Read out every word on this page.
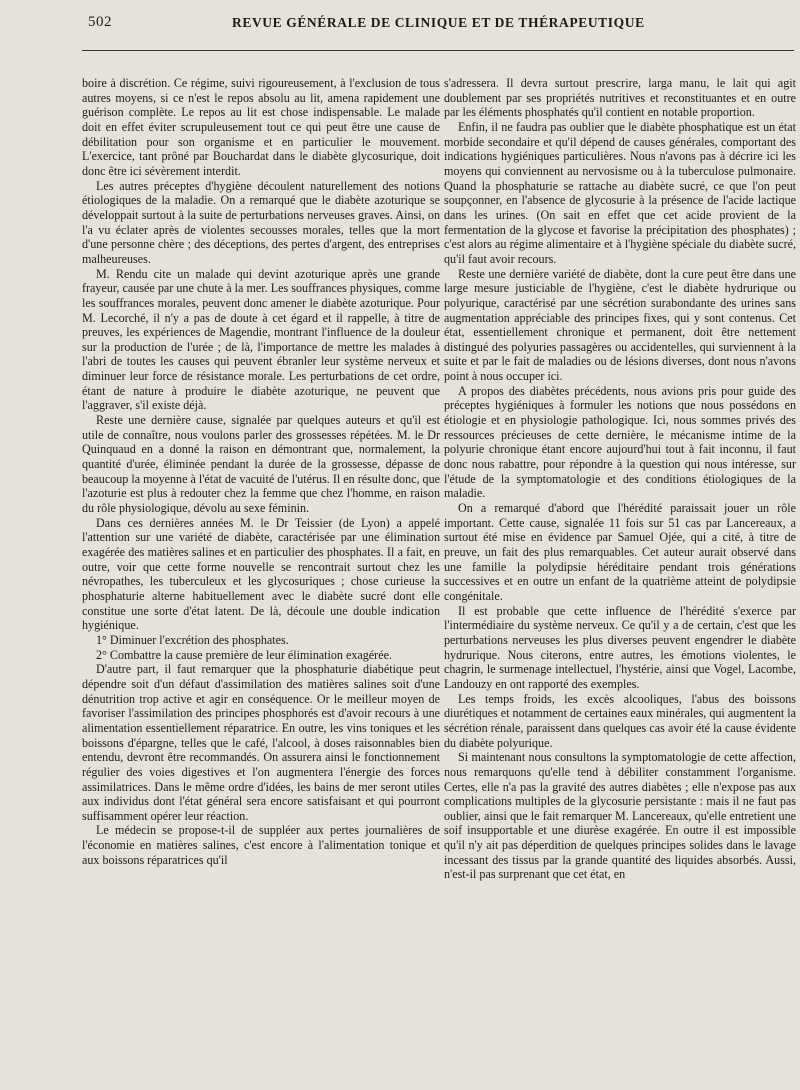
502	REVUE GÉNÉRALE DE CLINIQUE ET DE THÉRAPEUTIQUE

boire à discrétion. Ce régime, suivi rigoureusement, à l'exclusion de tous autres moyens, si ce n'est le repos absolu au lit, amena rapidement une guérison complète. Le repos au lit est chose indispensable. Le malade doit en effet éviter scrupuleusement tout ce qui peut être une cause de débilitation pour son organisme et en particulier le mouvement. L'exercice, tant prôné par Bouchardat dans le diabète glycosurique, doit donc être ici sévèrement interdit.

Les autres préceptes d'hygiène découlent naturellement des notions étiologiques de la maladie. On a remarqué que le diabète azoturique se développait surtout à la suite de perturbations nerveuses graves. Ainsi, on l'a vu éclater après de violentes secousses morales, telles que la mort d'une personne chère ; des déceptions, des pertes d'argent, des entreprises malheureuses.

M. Rendu cite un malade qui devint azoturique après une grande frayeur, causée par une chute à la mer. Les souffrances physiques, comme les souffrances morales, peuvent donc amener le diabète azoturique. Pour M. Lecorché, il n'y a pas de doute à cet égard et il rappelle, à titre de preuves, les expériences de Magendie, montrant l'influence de la douleur sur la production de l'urée ; de là, l'importance de mettre les malades à l'abri de toutes les causes qui peuvent ébranler leur système nerveux et diminuer leur force de résistance morale. Les perturbations de cet ordre, étant de nature à produire le diabète azoturique, ne peuvent que l'aggraver, s'il existe déjà.

Reste une dernière cause, signalée par quelques auteurs et qu'il est utile de connaître, nous voulons parler des grossesses répétées. M. le Dr Quinquaud en a donné la raison en démontrant que, normalement, la quantité d'urée, éliminée pendant la durée de la grossesse, dépasse de beaucoup la moyenne à l'état de vacuité de l'utérus. Il en résulte donc, que l'azoturie est plus à redouter chez la femme que chez l'homme, en raison du rôle physiologique, dévolu au sexe féminin.

Dans ces dernières années M. le Dr Teissier (de Lyon) a appelé l'attention sur une variété de diabète, caractérisée par une élimination exagérée des matières salines et en particulier des phosphates. Il a fait, en outre, voir que cette forme nouvelle se rencontrait surtout chez les névropathes, les tuberculeux et les glycosuriques ; chose curieuse la phosphaturie alterne habituellement avec le diabète sucré dont elle constitue une sorte d'état latent. De là, découle une double indication hygiénique.

1° Diminuer l'excrétion des phosphates.

2° Combattre la cause première de leur élimination exagérée.

D'autre part, il faut remarquer que la phosphaturie diabétique peut dépendre soit d'un défaut d'assimilation des matières salines soit d'une dénutrition trop active et agir en conséquence. Or le meilleur moyen de favoriser l'assimilation des principes phosphorés est d'avoir recours à une alimentation essentiellement réparatrice. En outre, les vins toniques et les boissons d'épargne, telles que le café, l'alcool, à doses raisonnables bien entendu, devront être recommandés. On assurera ainsi le fonctionnement régulier des voies digestives et l'on augmentera l'énergie des forces assimilatrices. Dans le même ordre d'idées, les bains de mer seront utiles aux individus dont l'état général sera encore satisfaisant et qui pourront suffisamment opérer leur réaction.

Le médecin se propose-t-il de suppléer aux pertes journalières de l'économie en matières salines, c'est encore à l'alimentation tonique et aux boissons réparatrices qu'il

s'adressera. Il devra surtout prescrire, larga manu, le lait qui agit doublement par ses propriétés nutritives et reconstituantes et en outre par les éléments phosphatés qu'il contient en notable proportion.

Enfin, il ne faudra pas oublier que le diabète phosphatique est un état morbide secondaire et qu'il dépend de causes générales, comportant des indications hygiéniques particulières. Nous n'avons pas à décrire ici les moyens qui conviennent au nervosisme ou à la tuberculose pulmonaire. Quand la phosphaturie se rattache au diabète sucré, ce que l'on peut soupçonner, en l'absence de glycosurie à la présence de l'acide lactique dans les urines. (On sait en effet que cet acide provient de la fermentation de la glycose et favorise la précipitation des phosphates) ; c'est alors au régime alimentaire et à l'hygiène spéciale du diabète sucré, qu'il faut avoir recours.

Reste une dernière variété de diabète, dont la cure peut être dans une large mesure justiciable de l'hygiène, c'est le diabète hydrurique ou polyurique, caractérisé par une sécrétion surabondante des urines sans augmentation appréciable des principes fixes, qui y sont contenus. Cet état, essentiellement chronique et permanent, doit être nettement distingué des polyuries passagères ou accidentelles, qui surviennent à la suite et par le fait de maladies ou de lésions diverses, dont nous n'avons point à nous occuper ici.

A propos des diabètes précédents, nous avions pris pour guide des préceptes hygiéniques à formuler les notions que nous possédons en étiologie et en physiologie pathologique. Ici, nous sommes privés des ressources précieuses de cette dernière, le mécanisme intime de la polyurie chronique étant encore aujourd'hui tout à fait inconnu, il faut donc nous rabattre, pour répondre à la question qui nous intéresse, sur l'étude de la symptomatologie et des conditions étiologiques de la maladie.

On a remarqué d'abord que l'hérédité paraissait jouer un rôle important. Cette cause, signalée 11 fois sur 51 cas par Lancereaux, a surtout été mise en évidence par Samuel Ojée, qui a cité, à titre de preuve, un fait des plus remarquables. Cet auteur aurait observé dans une famille la polydipsie héréditaire pendant trois générations successives et en outre un enfant de la quatrième atteint de polydipsie congénitale.

Il est probable que cette influence de l'hérédité s'exerce par l'intermédiaire du système nerveux. Ce qu'il y a de certain, c'est que les perturbations nerveuses les plus diverses peuvent engendrer le diabète hydrurique. Nous citerons, entre autres, les émotions violentes, le chagrin, le surmenage intellectuel, l'hystérie, ainsi que Vogel, Lacombe, Landouzy en ont rapporté des exemples.

Les temps froids, les excès alcooliques, l'abus des boissons diurétiques et notamment de certaines eaux minérales, qui augmentent la sécrétion rénale, paraissent dans quelques cas avoir été la cause évidente du diabète polyurique.

Si maintenant nous consultons la symptomatologie de cette affection, nous remarquons qu'elle tend à débiliter constamment l'organisme. Certes, elle n'a pas la gravité des autres diabètes ; elle n'expose pas aux complications multiples de la glycosurie persistante : mais il ne faut pas oublier, ainsi que le fait remarquer M. Lancereaux, qu'elle entretient une soif insupportable et une diurèse exagérée. En outre il est impossible qu'il n'y ait pas déperdition de quelques principes solides dans le lavage incessant des tissus par la grande quantité des liquides absorbés. Aussi, n'est-il pas surprenant que cet état, en
